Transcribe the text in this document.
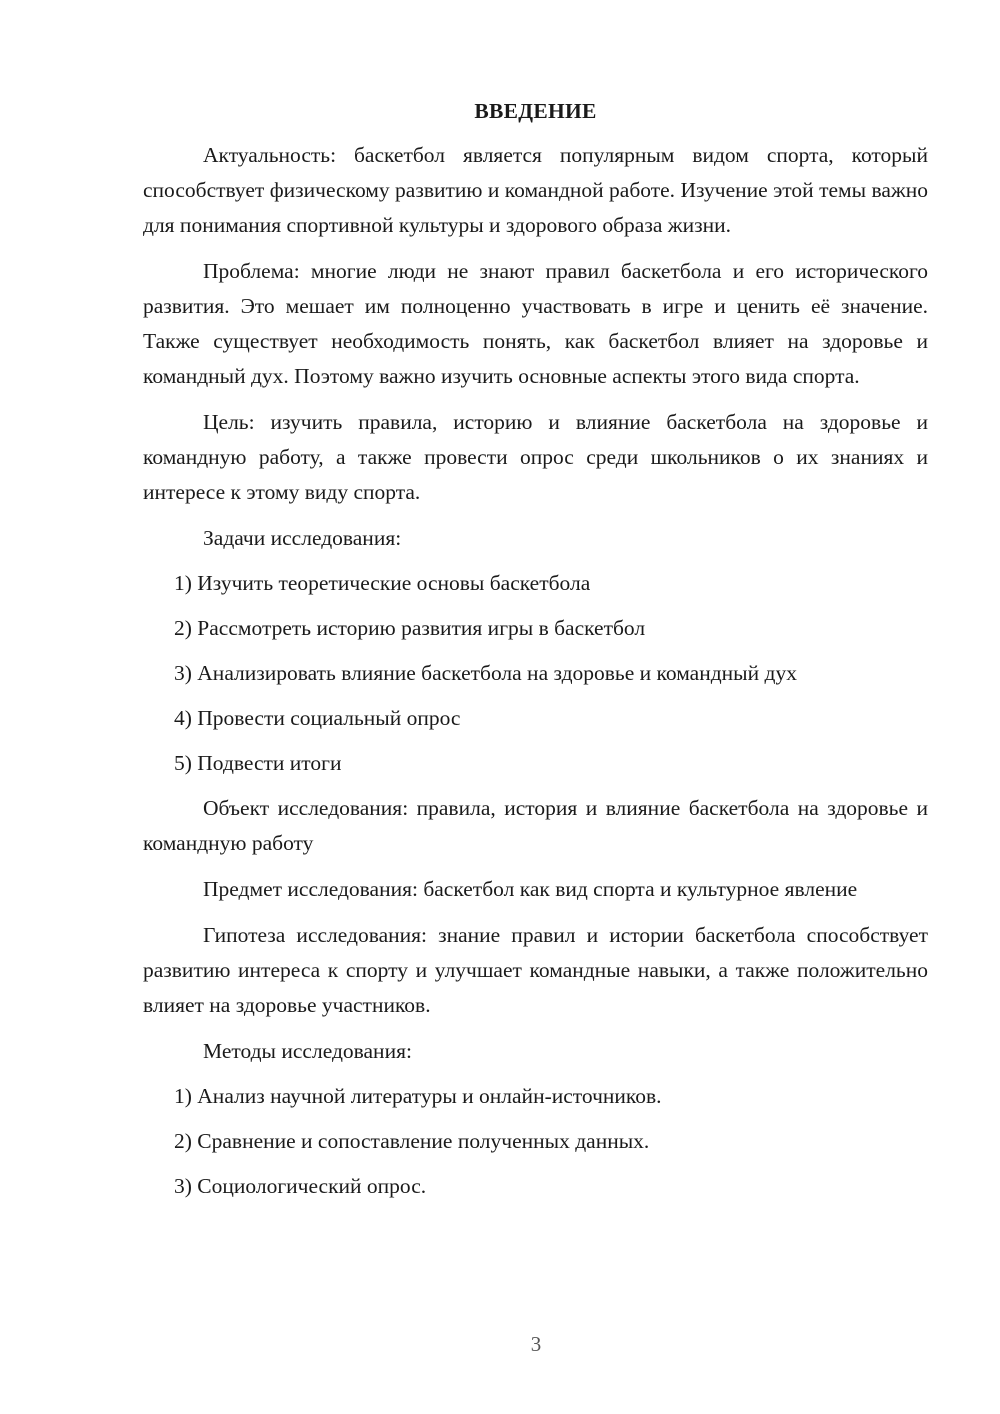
ВВЕДЕНИЕ

Актуальность: баскетбол является популярным видом спорта, который способствует физическому развитию и командной работе. Изучение этой темы важно для понимания спортивной культуры и здорового образа жизни.

Проблема: многие люди не знают правил баскетбола и его исторического развития. Это мешает им полноценно участвовать в игре и ценить её значение. Также существует необходимость понять, как баскетбол влияет на здоровье и командный дух. Поэтому важно изучить основные аспекты этого вида спорта.

Цель: изучить правила, историю и влияние баскетбола на здоровье и командную работу, а также провести опрос среди школьников о их знаниях и интересе к этому виду спорта.

Задачи исследования:

1) Изучить теоретические основы баскетбола
2) Рассмотреть историю развития игры в баскетбол
3) Анализировать влияние баскетбола на здоровье и командный дух
4) Провести социальный опрос
5) Подвести итоги

Объект исследования: правила, история и влияние баскетбола на здоровье и командную работу

Предмет исследования: баскетбол как вид спорта и культурное явление

Гипотеза исследования: знание правил и истории баскетбола способствует развитию интереса к спорту и улучшает командные навыки, а также положительно влияет на здоровье участников.

Методы исследования:

1) Анализ научной литературы и онлайн-источников.
2) Сравнение и сопоставление полученных данных.
3) Социологический опрос.
3
